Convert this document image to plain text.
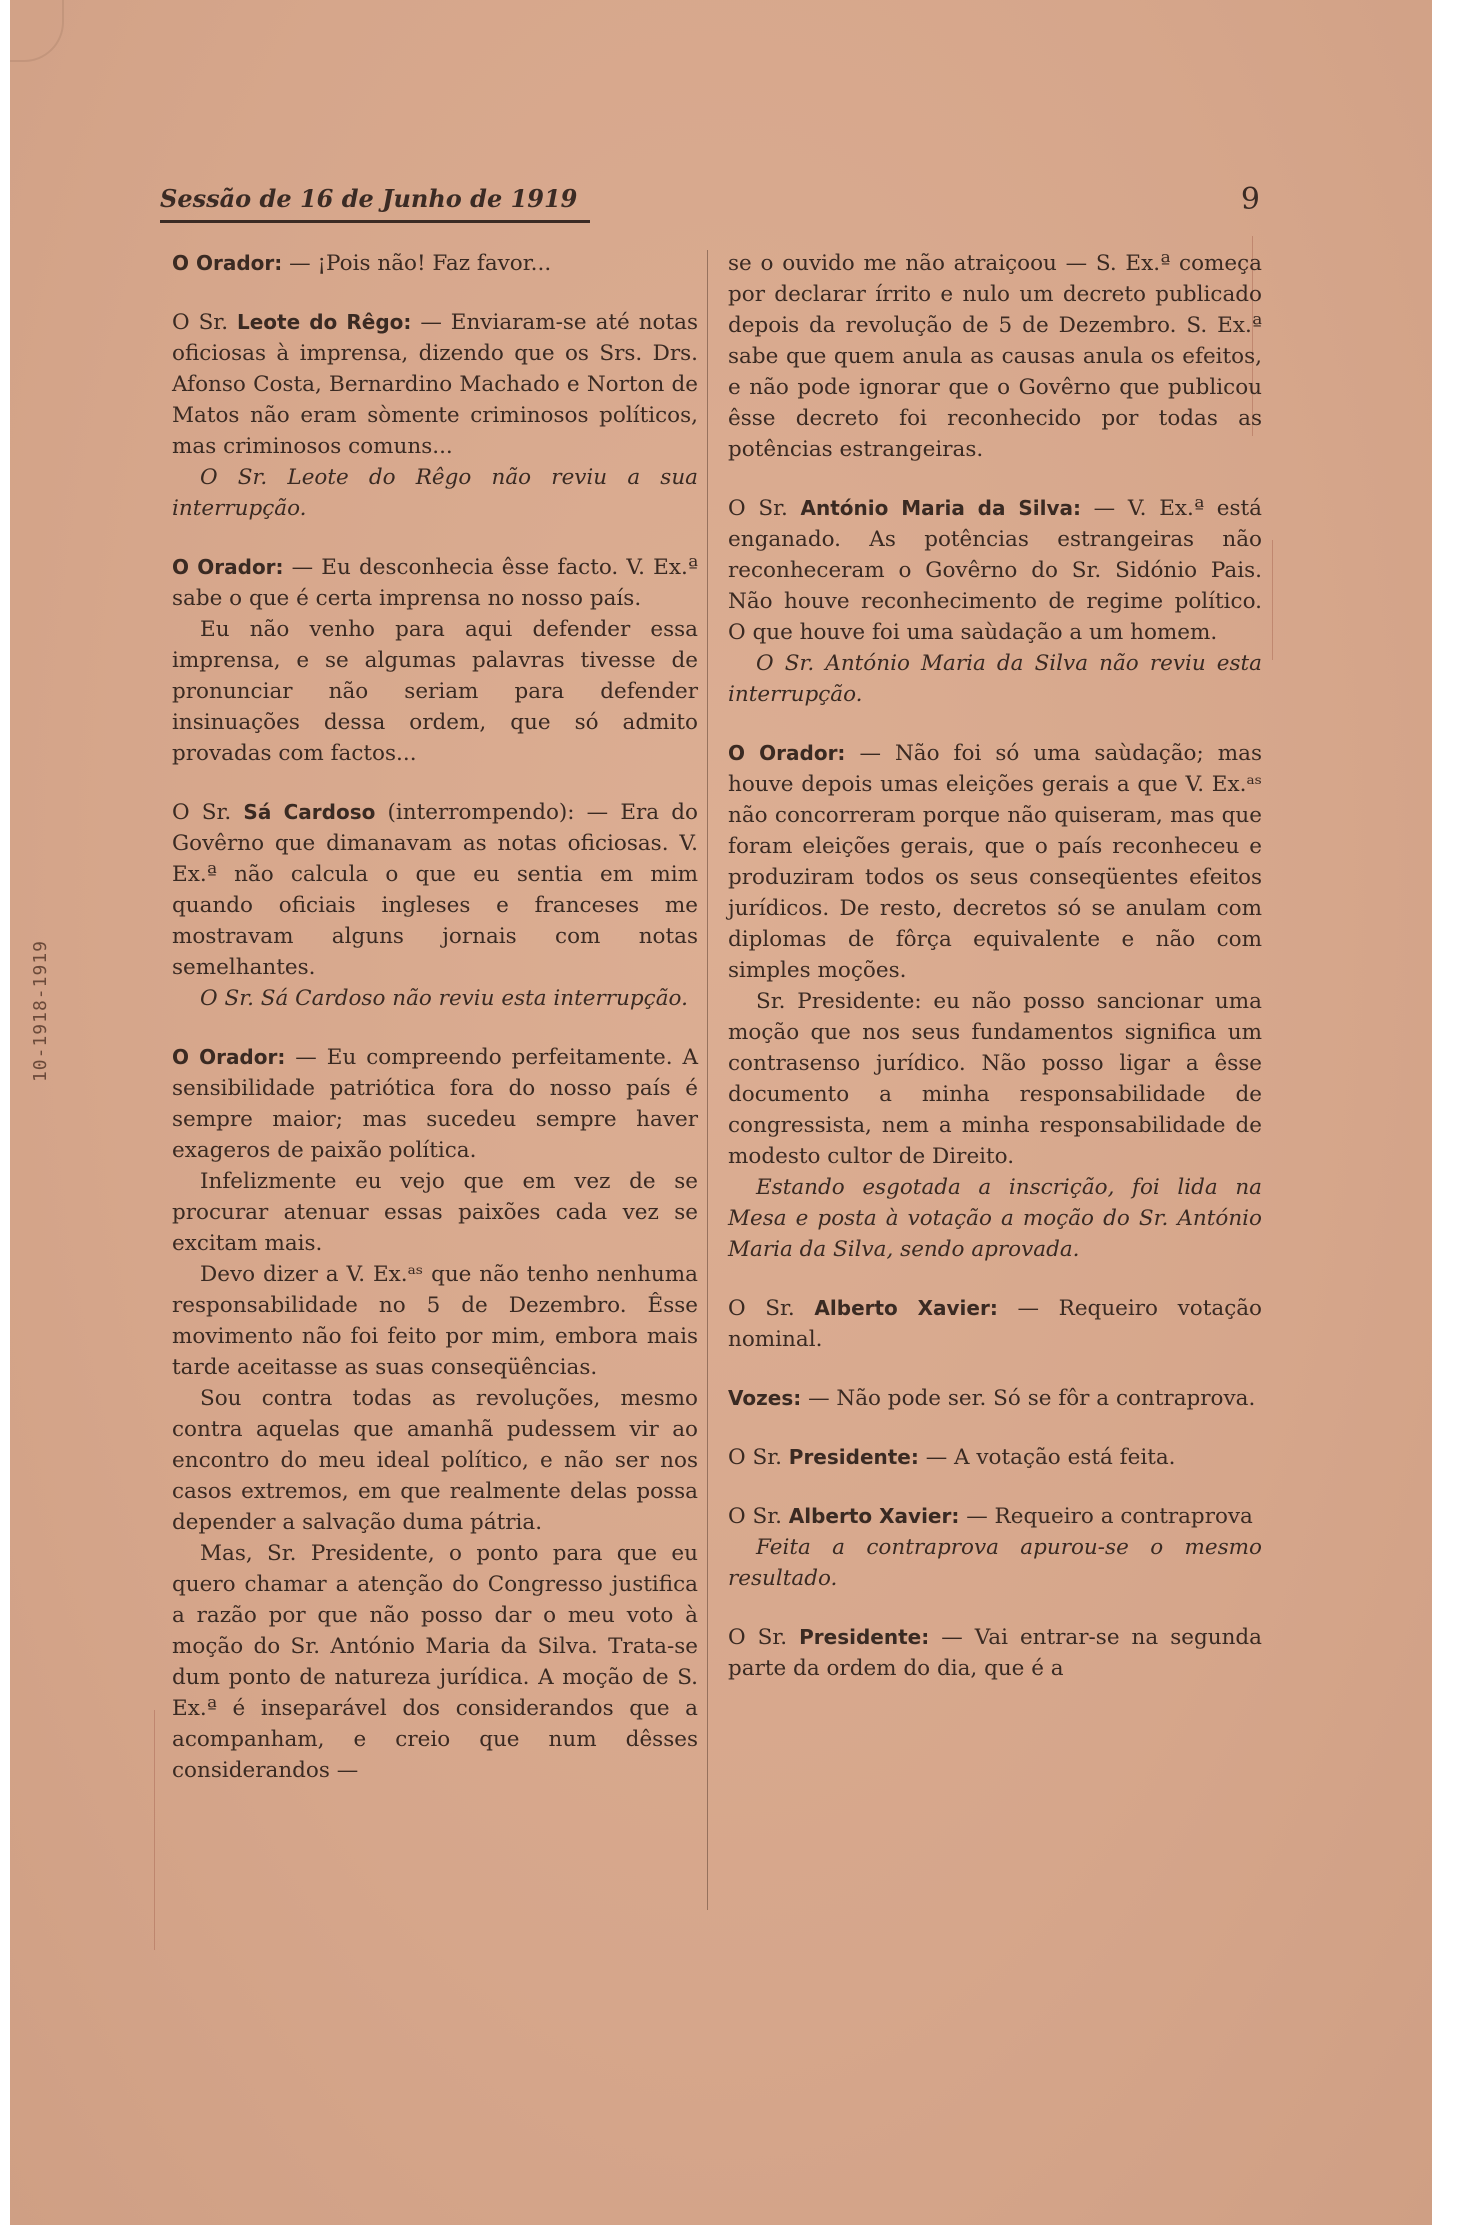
Sessão de 16 de Junho de 1919	9
10-1918-1919

O Orador: — ¡Pois não! Faz favor...

O Sr. Leote do Rêgo: — Enviaram-se até notas oficiosas à imprensa, dizendo que os Srs. Drs. Afonso Costa, Bernardino Machado e Norton de Matos não eram sòmente criminosos políticos, mas criminosos comuns...

O Sr. Leote do Rêgo não reviu a sua interrupção.

O Orador: — Eu desconhecia êsse facto. V. Ex.ª sabe o que é certa imprensa no nosso país.

Eu não venho para aqui defender essa imprensa, e se algumas palavras tivesse de pronunciar não seriam para defender insinuações dessa ordem, que só admito provadas com factos...

O Sr. Sá Cardoso (interrompendo): — Era do Govêrno que dimanavam as notas oficiosas. V. Ex.ª não calcula o que eu sentia em mim quando oficiais ingleses e franceses me mostravam alguns jornais com notas semelhantes.

O Sr. Sá Cardoso não reviu esta interrupção.

O Orador: — Eu compreendo perfeitamente. A sensibilidade patriótica fora do nosso país é sempre maior; mas sucedeu sempre haver exageros de paixão política.

Infelizmente eu vejo que em vez de se procurar atenuar essas paixões cada vez se excitam mais.

Devo dizer a V. Ex.ᵃˢ que não tenho nenhuma responsabilidade no 5 de Dezembro. Êsse movimento não foi feito por mim, embora mais tarde aceitasse as suas conseqüências.

Sou contra todas as revoluções, mesmo contra aquelas que amanhã pudessem vir ao encontro do meu ideal político, e não ser nos casos extremos, em que realmente delas possa depender a salvação duma pátria.

Mas, Sr. Presidente, o ponto para que eu quero chamar a atenção do Congresso justifica a razão por que não posso dar o meu voto à moção do Sr. António Maria da Silva. Trata-se dum ponto de natureza jurídica. A moção de S. Ex.ª é inseparável dos considerandos que a acompanham, e creio que num dêsses considerandos —

se o ouvido me não atraiçoou — S. Ex.ª começa por declarar írrito e nulo um decreto publicado depois da revolução de 5 de Dezembro. S. Ex.ª sabe que quem anula as causas anula os efeitos, e não pode ignorar que o Govêrno que publicou êsse decreto foi reconhecido por todas as potências estrangeiras.

O Sr. António Maria da Silva: — V. Ex.ª está enganado. As potências estrangeiras não reconheceram o Govêrno do Sr. Sidónio Pais. Não houve reconhecimento de regime político. O que houve foi uma saùdação a um homem.

O Sr. António Maria da Silva não reviu esta interrupção.

O Orador: — Não foi só uma saùdação; mas houve depois umas eleições gerais a que V. Ex.ᵃˢ não concorreram porque não quiseram, mas que foram eleições gerais, que o país reconheceu e produziram todos os seus conseqüentes efeitos jurídicos. De resto, decretos só se anulam com diplomas de fôrça equivalente e não com simples moções.

Sr. Presidente: eu não posso sancionar uma moção que nos seus fundamentos significa um contrasenso jurídico. Não posso ligar a êsse documento a minha responsabilidade de congressista, nem a minha responsabilidade de modesto cultor de Direito.

Estando esgotada a inscrição, foi lida na Mesa e posta à votação a moção do Sr. António Maria da Silva, sendo aprovada.

O Sr. Alberto Xavier: — Requeiro votação nominal.

Vozes: — Não pode ser. Só se fôr a contraprova.

O Sr. Presidente: — A votação está feita.

O Sr. Alberto Xavier: — Requeiro a contraprova

Feita a contraprova apurou-se o mesmo resultado.

O Sr. Presidente: — Vai entrar-se na segunda parte da ordem do dia, que é a
